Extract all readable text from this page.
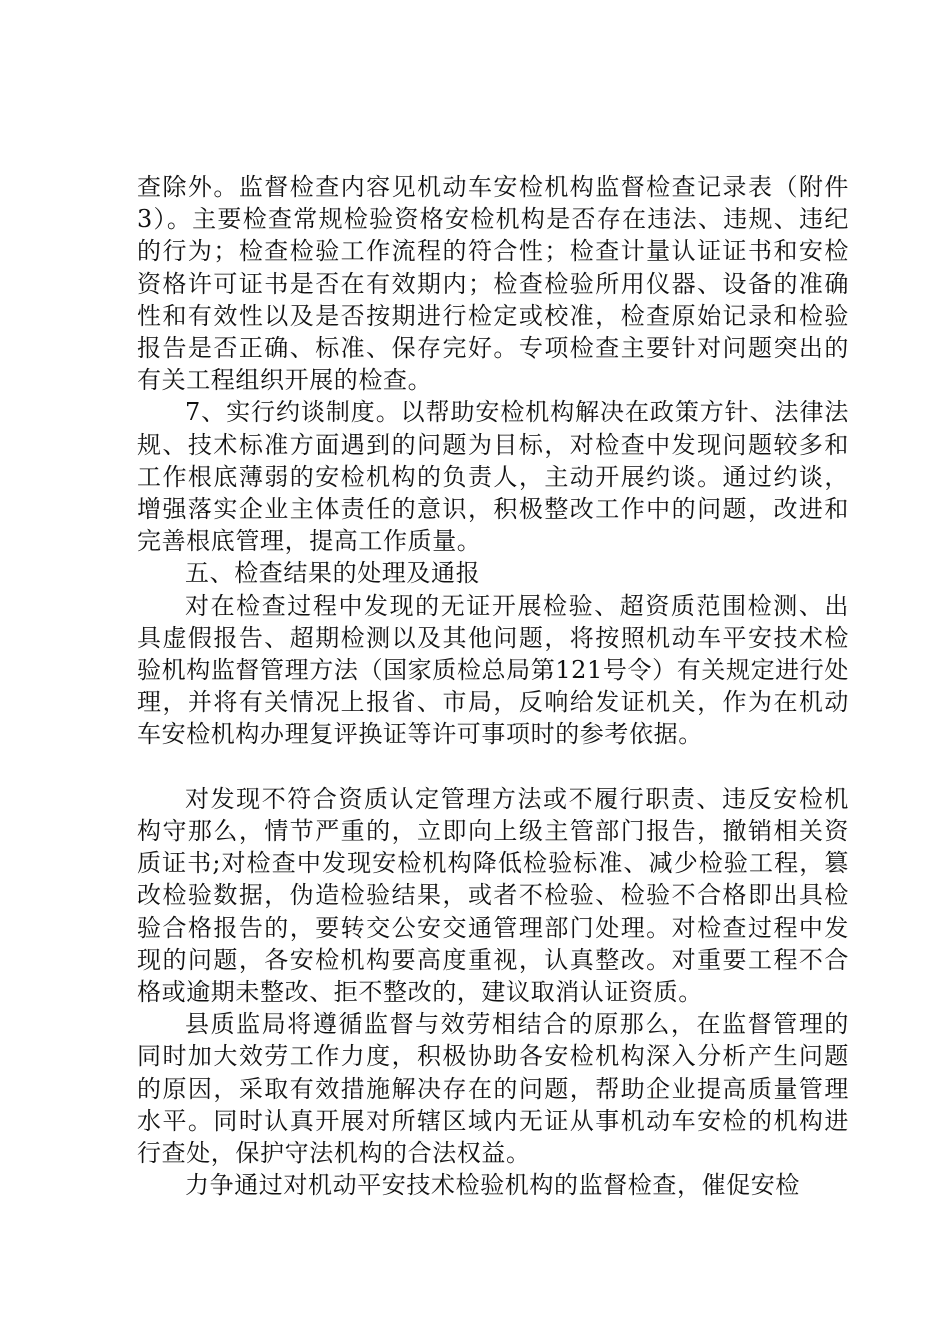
查除外。监督检查内容见机动车安检机构监督检查记录表（附件3）。主要检查常规检验资格安检机构是否存在违法、违规、违纪的行为；检查检验工作流程的符合性；检查计量认证证书和安检资格许可证书是否在有效期内；检查检验所用仪器、设备的准确性和有效性以及是否按期进行检定或校准，检查原始记录和检验报告是否正确、标准、保存完好。专项检查主要针对问题突出的有关工程组织开展的检查。

7、实行约谈制度。以帮助安检机构解决在政策方针、法律法规、技术标准方面遇到的问题为目标，对检查中发现问题较多和工作根底薄弱的安检机构的负责人，主动开展约谈。通过约谈，增强落实企业主体责任的意识，积极整改工作中的问题，改进和完善根底管理，提高工作质量。

五、检查结果的处理及通报

对在检查过程中发现的无证开展检验、超资质范围检测、出具虚假报告、超期检测以及其他问题，将按照机动车平安技术检验机构监督管理方法（国家质检总局第121号令）有关规定进行处理，并将有关情况上报省、市局，反响给发证机关，作为在机动车安检机构办理复评换证等许可事项时的参考依据。

对发现不符合资质认定管理方法或不履行职责、违反安检机构守那么，情节严重的，立即向上级主管部门报告，撤销相关资质证书;对检查中发现安检机构降低检验标准、减少检验工程，篡改检验数据，伪造检验结果，或者不检验、检验不合格即出具检验合格报告的，要转交公安交通管理部门处理。对检查过程中发现的问题，各安检机构要高度重视，认真整改。对重要工程不合格或逾期未整改、拒不整改的，建议取消认证资质。

县质监局将遵循监督与效劳相结合的原那么，在监督管理的同时加大效劳工作力度，积极协助各安检机构深入分析产生问题的原因，采取有效措施解决存在的问题，帮助企业提高质量管理水平。同时认真开展对所辖区域内无证从事机动车安检的机构进行查处，保护守法机构的合法权益。

力争通过对机动平安技术检验机构的监督检查，催促安检
